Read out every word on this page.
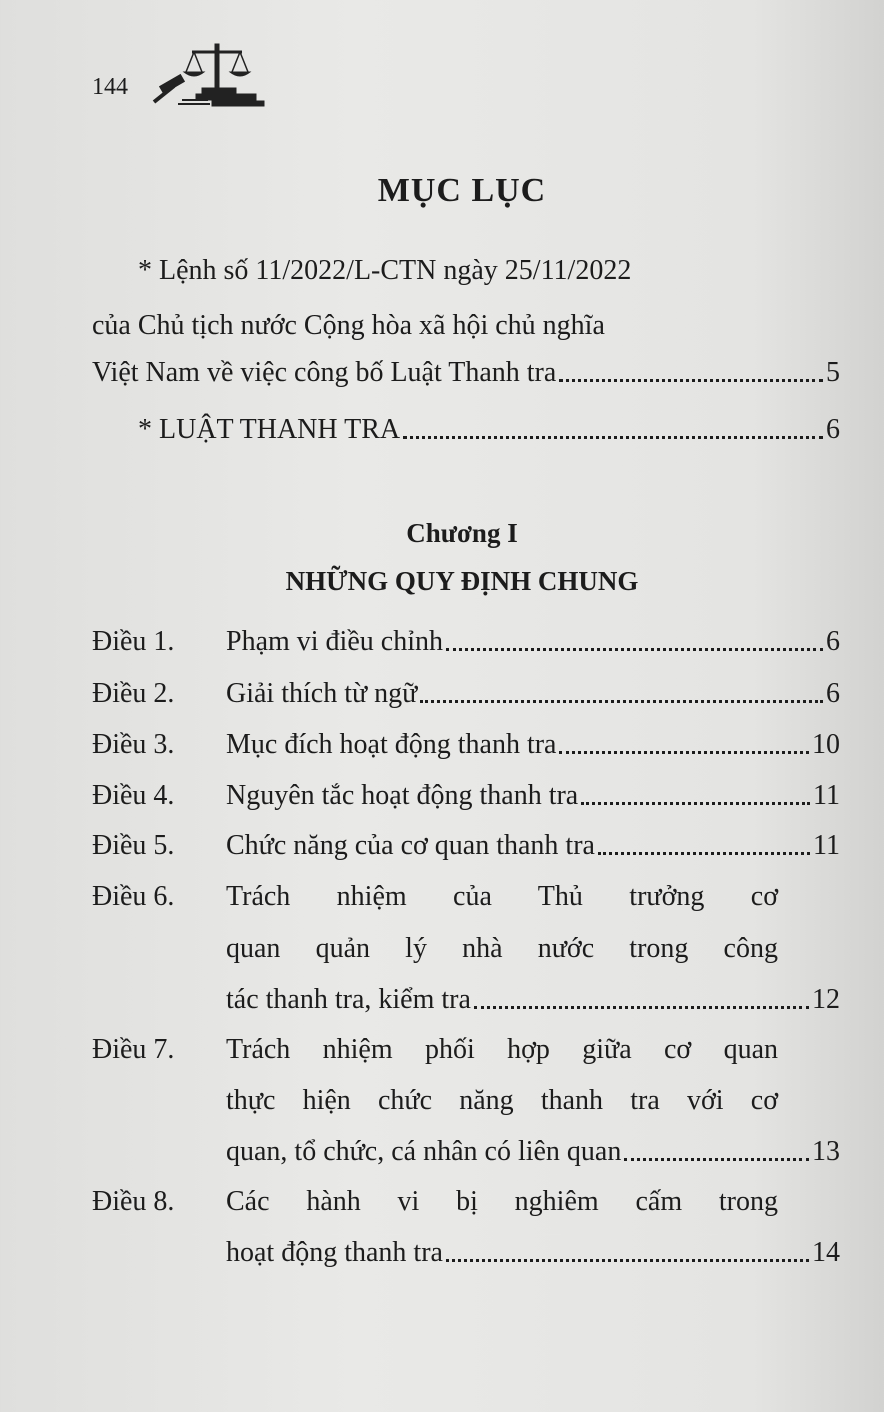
144
MỤC LỤC
* Lệnh số 11/2022/L-CTN ngày 25/11/2022
của Chủ tịch nước Cộng hòa xã hội chủ nghĩa
Việt Nam về việc công bố Luật Thanh tra	5
* LUẬT THANH TRA	6
Chương I
NHỮNG QUY ĐỊNH CHUNG
Điều 1. Phạm vi điều chỉnh	6
Điều 2. Giải thích từ ngữ	6
Điều 3. Mục đích hoạt động thanh tra	10
Điều 4. Nguyên tắc hoạt động thanh tra	11
Điều 5. Chức năng của cơ quan thanh tra	11
Điều 6. Trách nhiệm của Thủ trưởng cơ
quan quản lý nhà nước trong công
tác thanh tra, kiểm tra	12
Điều 7. Trách nhiệm phối hợp giữa cơ quan
thực hiện chức năng thanh tra với cơ
quan, tổ chức, cá nhân có liên quan	13
Điều 8. Các hành vi bị nghiêm cấm trong
hoạt động thanh tra	14
